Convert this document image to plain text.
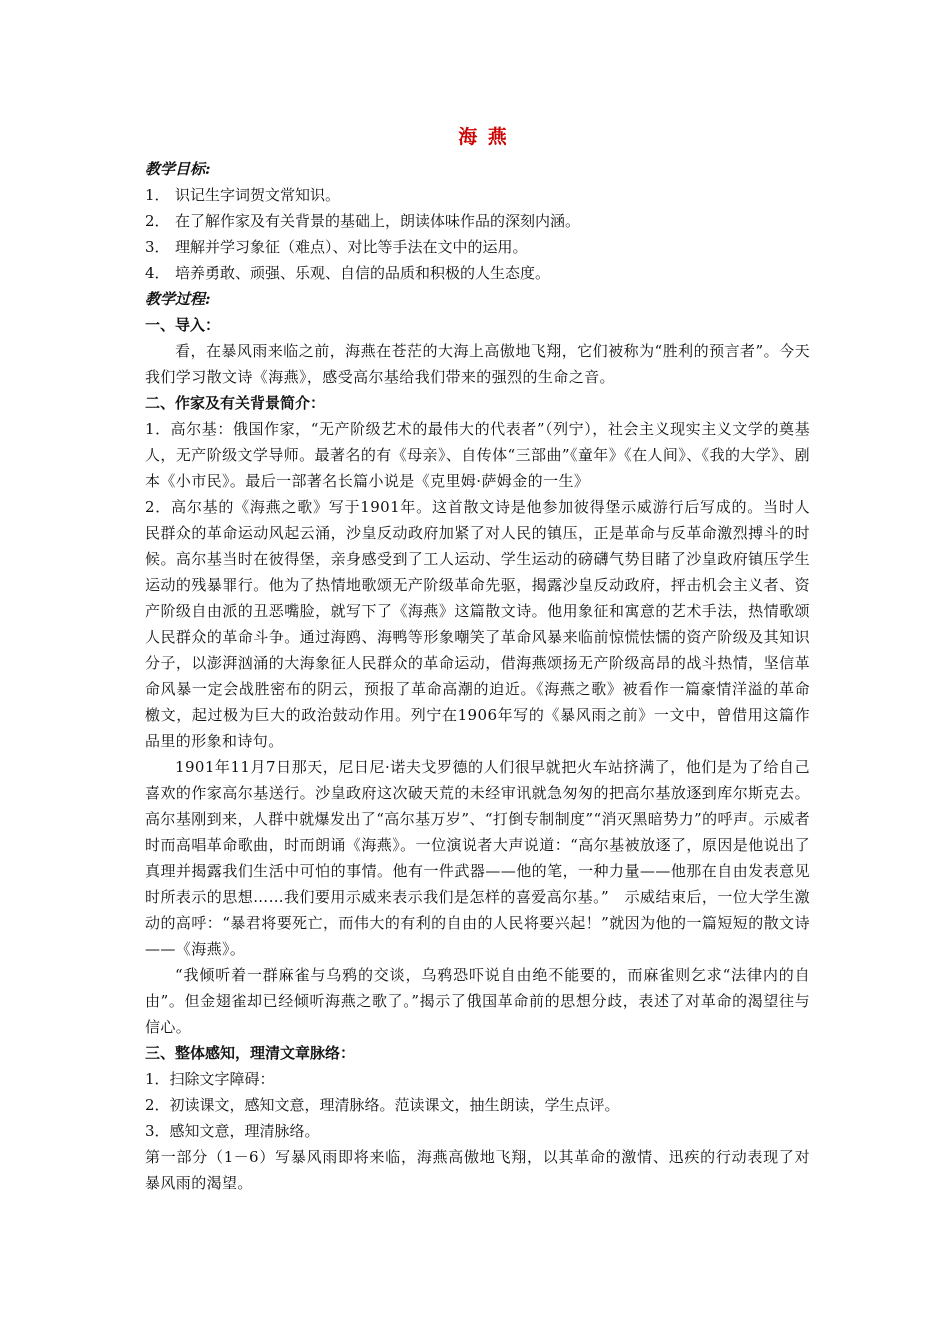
海 燕
教学目标:
1． 识记生字词贺文常知识。
2． 在了解作家及有关背景的基础上，朗读体味作品的深刻内涵。
3． 理解并学习象征（难点）、对比等手法在文中的运用。
4． 培养勇敢、顽强、乐观、自信的品质和积极的人生态度。
教学过程:
一、导入：

看，在暴风雨来临之前，海燕在苍茫的大海上高傲地飞翔，它们被称为“胜利的预言者”。今天我们学习散文诗《海燕》，感受高尔基给我们带来的强烈的生命之音。

二、作家及有关背景简介：

1．高尔基：俄国作家，“无产阶级艺术的最伟大的代表者”（列宁），社会主义现实主义文学的奠基人，无产阶级文学导师。最著名的有《母亲》、自传体“三部曲”《童年》《在人间》、《我的大学》、剧本《小市民》。最后一部著名长篇小说是《克里姆·萨姆金的一生》

2．高尔基的《海燕之歌》写于1901年。这首散文诗是他参加彼得堡示威游行后写成的。当时人民群众的革命运动风起云涌，沙皇反动政府加紧了对人民的镇压，正是革命与反革命激烈搏斗的时候。高尔基当时在彼得堡，亲身感受到了工人运动、学生运动的磅礴气势目睹了沙皇政府镇压学生运动的残暴罪行。他为了热情地歌颂无产阶级革命先驱，揭露沙皇反动政府，抨击机会主义者、资产阶级自由派的丑恶嘴脸，就写下了《海燕》这篇散文诗。他用象征和寓意的艺术手法，热情歌颂人民群众的革命斗争。通过海鸥、海鸭等形象嘲笑了革命风暴来临前惊慌怯懦的资产阶级及其知识分子，以澎湃汹涌的大海象征人民群众的革命运动，借海燕颂扬无产阶级高昂的战斗热情，坚信革命风暴一定会战胜密布的阴云，预报了革命高潮的迫近。《海燕之歌》被看作一篇豪情洋溢的革命檄文，起过极为巨大的政治鼓动作用。列宁在1906年写的《暴风雨之前》一文中，曾借用这篇作品里的形象和诗句。

1901年11月7日那天，尼日尼·诺夫戈罗德的人们很早就把火车站挤满了，他们是为了给自己喜欢的作家高尔基送行。沙皇政府这次破天荒的未经审讯就急匆匆的把高尔基放逐到库尔斯克去。高尔基刚到来，人群中就爆发出了“高尔基万岁”、“打倒专制制度”“消灭黑暗势力”的呼声。示威者时而高唱革命歌曲，时而朗诵《海燕》。一位演说者大声说道：“高尔基被放逐了，原因是他说出了真理并揭露我们生活中可怕的事情。他有一件武器——他的笔，一种力量——他那在自由发表意见时所表示的思想……我们要用示威来表示我们是怎样的喜爱高尔基。”　示威结束后，一位大学生激动的高呼：“暴君将要死亡，而伟大的有利的自由的人民将要兴起！”就因为他的一篇短短的散文诗——《海燕》。

“我倾听着一群麻雀与乌鸦的交谈，乌鸦恐吓说自由绝不能要的，而麻雀则乞求“法律内的自由”。但金翅雀却已经倾听海燕之歌了。”揭示了俄国革命前的思想分歧，表述了对革命的渴望往与信心。

三、整体感知，理清文章脉络：
1．扫除文字障碍：
2．初读课文，感知文意，理清脉络。范读课文，抽生朗读，学生点评。
3．感知文意，理清脉络。

第一部分（1－6）写暴风雨即将来临，海燕高傲地飞翔，以其革命的激情、迅疾的行动表现了对暴风雨的渴望。
